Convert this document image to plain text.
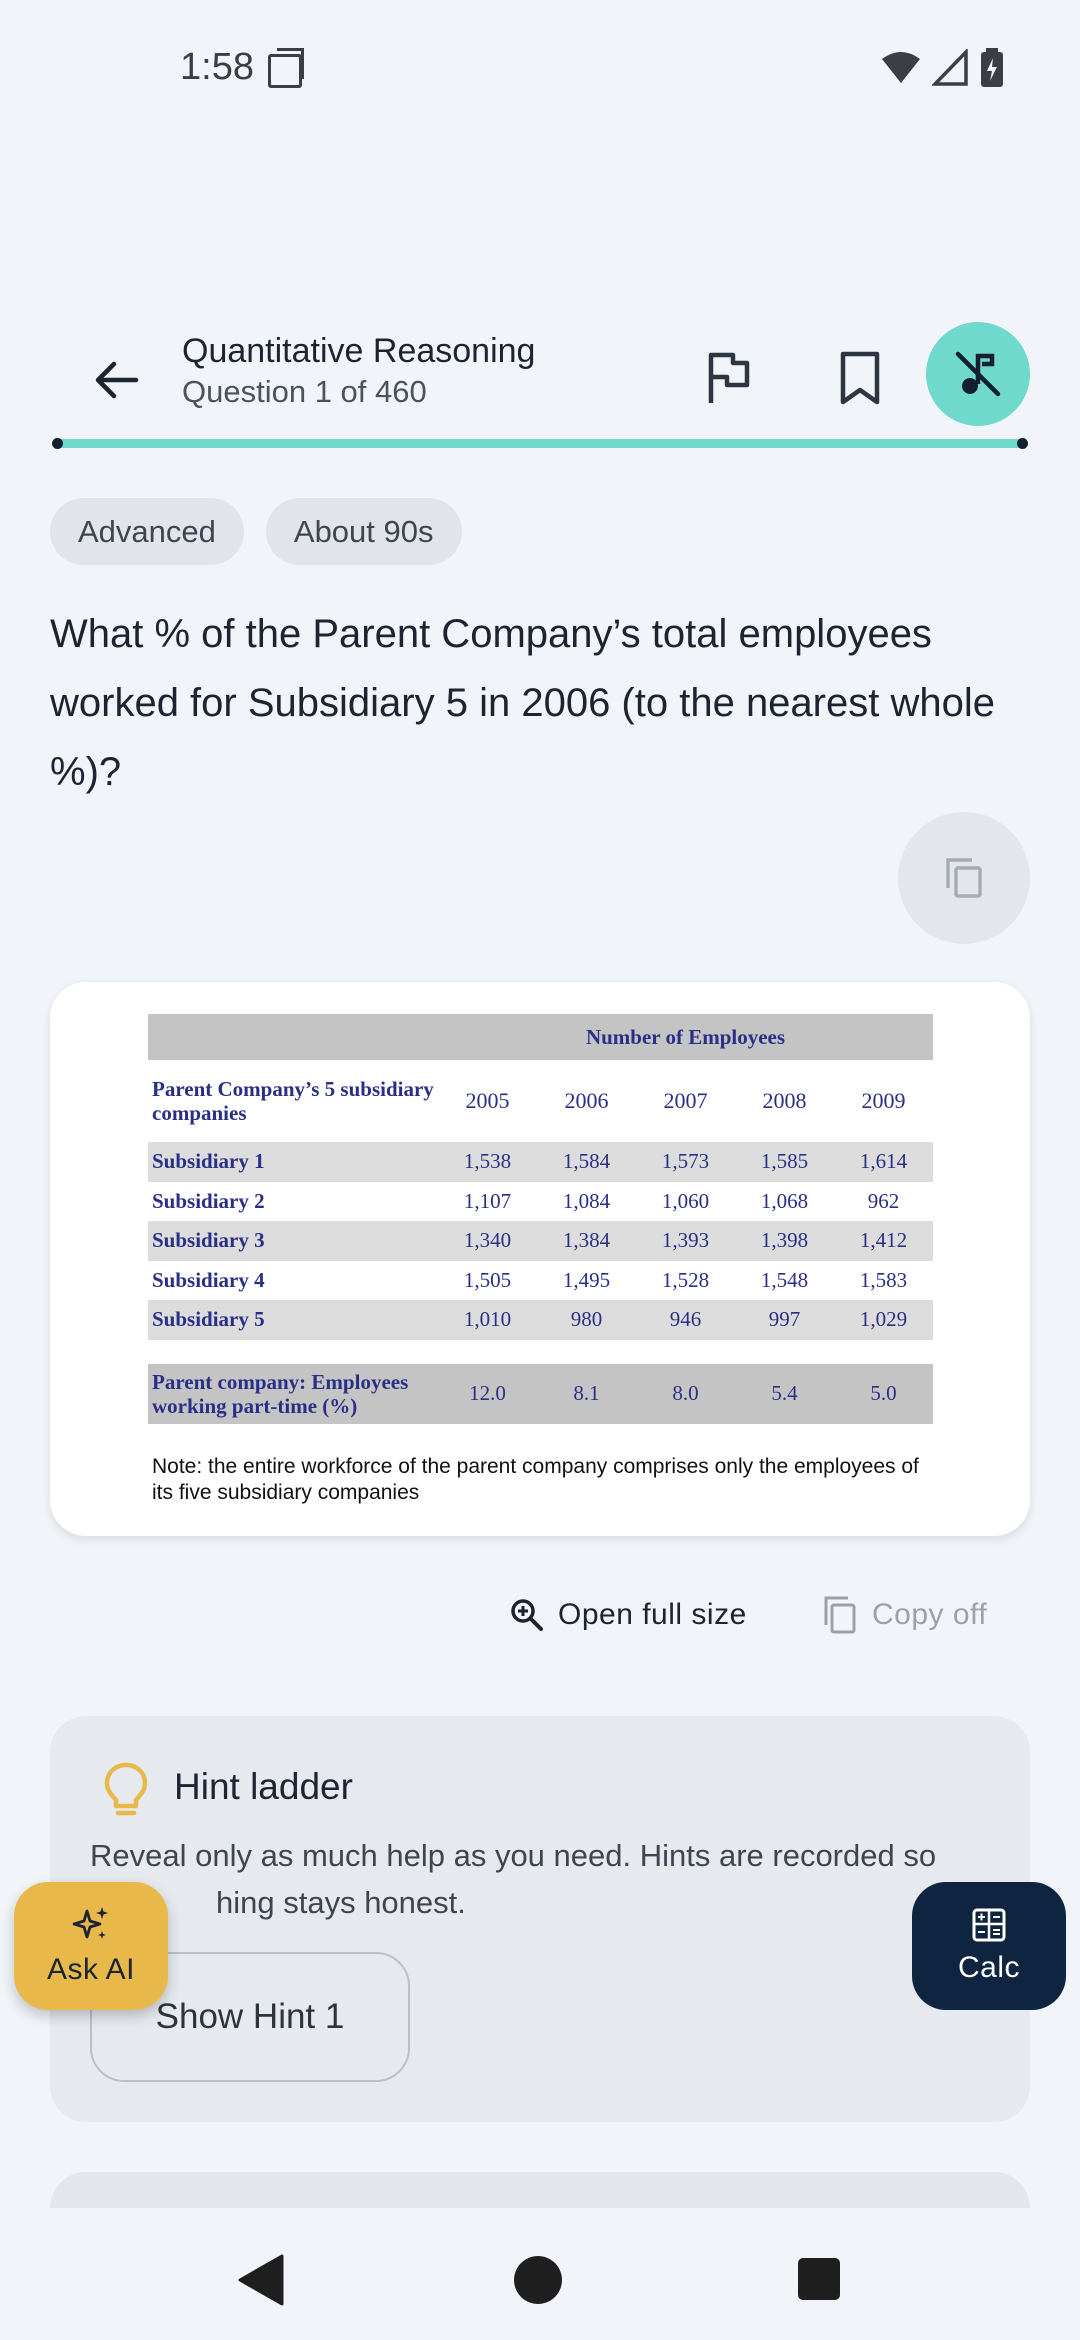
1:58
Quantitative Reasoning
Question 1 of 460
Advanced	About 90s
What % of the Parent Company’s total employees worked for Subsidiary 5 in 2006 (to the nearest whole %)?
	Number of Employees				
Parent Company’s 5 subsidiary companies	2005	2006	2007	2008	2009
Subsidiary 1	1,538	1,584	1,573	1,585	1,614
Subsidiary 2	1,107	1,084	1,060	1,068	962
Subsidiary 3	1,340	1,384	1,393	1,398	1,412
Subsidiary 4	1,505	1,495	1,528	1,548	1,583
Subsidiary 5	1,010	980	946	997	1,029

Parent company: Employees working part-time (%)	12.0	8.1	8.0	5.4	5.0
Note: the entire workforce of the parent company comprises only the employees of its five subsidiary companies
Open full size	Copy off
Hint ladder
Reveal only as much help as you need. Hints are recorded so
hing stays honest.
Show Hint 1
Ask AI	Calc
